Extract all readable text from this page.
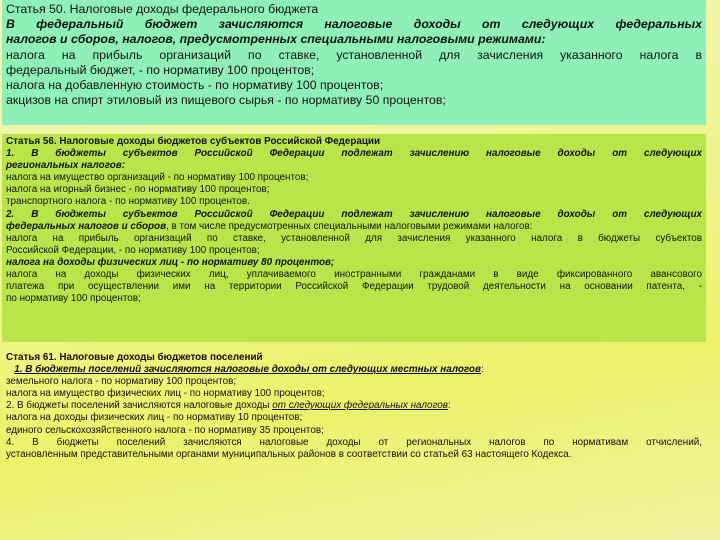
Статья 50. Налоговые доходы федерального бюджета

В федеральный бюджет зачисляются налоговые доходы от следующих федеральных

налогов и сборов, налогов, предусмотренных специальными налоговыми режимами:

налога на прибыль организаций по ставке, установленной для зачисления указанного налога в

федеральный бюджет, - по нормативу 100 процентов;

налога на добавленную стоимость - по нормативу 100 процентов;

акцизов на спирт этиловый из пищевого сырья - по нормативу 50 процентов;

Статья 56. Налоговые доходы бюджетов субъектов Российской Федерации

1. В бюджеты субъектов Российской Федерации подлежат зачислению налоговые доходы от следующих

региональных налогов:

налога на имущество организаций - по нормативу 100 процентов;

налога на игорный бизнес - по нормативу 100 процентов;

транспортного налога - по нормативу 100 процентов.

2. В бюджеты субъектов Российской Федерации подлежат зачислению налоговые доходы от следующих

федеральных налогов и сборов, в том числе предусмотренных специальными налоговыми режимами налогов:

налога на прибыль организаций по ставке, установленной для зачисления указанного налога в бюджеты субъектов

Российской Федерации, - по нормативу 100 процентов;

налога на доходы физических лиц - по нормативу 80 процентов;

налога на доходы физических лиц, уплачиваемого иностранными гражданами в виде фиксированного авансового

платежа при осуществлении ими на территории Российской Федерации трудовой деятельности на основании патента, -

по нормативу 100 процентов;

Статья 61. Налоговые доходы бюджетов поселений

1. В бюджеты поселений зачисляются налоговые доходы от следующих местных налогов:

земельного налога - по нормативу 100 процентов;

налога на имущество физических лиц - по нормативу 100 процентов;

2. В бюджеты поселений зачисляются налоговые доходы от следующих федеральных налогов:

налога на доходы физических лиц - по нормативу 10 процентов;

единого сельскохозяйственного налога - по нормативу 35 процентов;

4. В бюджеты поселений зачисляются налоговые доходы от региональных налогов по нормативам отчислений,

установленным представительными органами муниципальных районов в соответствии со статьей 63 настоящего Кодекса.
